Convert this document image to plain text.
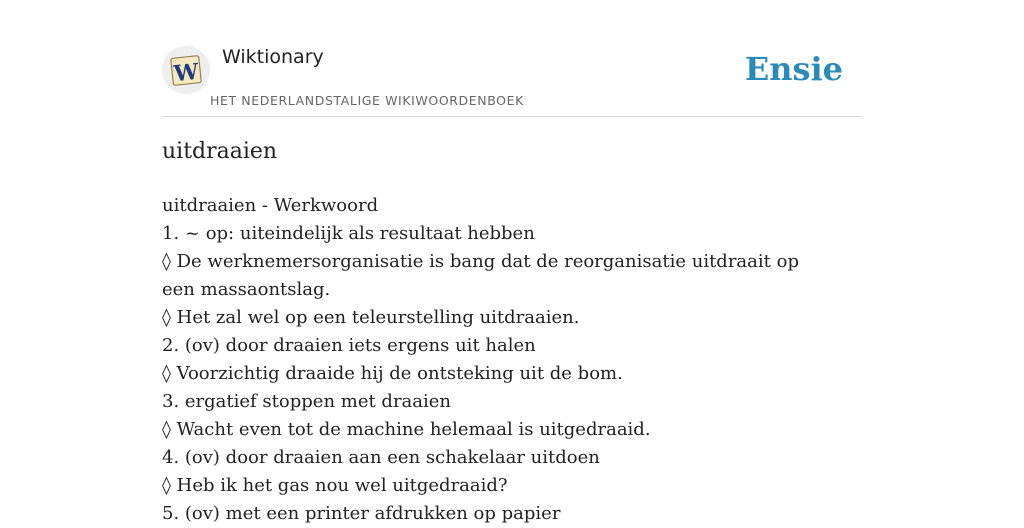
W
Wiktionary
HET NEDERLANDSTALIGE WIKIWOORDENBOEK
Ensie
uitdraaien
uitdraaien - Werkwoord
1. ~ op: uiteindelijk als resultaat hebben
◊ De werknemersorganisatie is bang dat de reorganisatie uitdraait op een massaontslag.
◊ Het zal wel op een teleurstelling uitdraaien.
2. (ov) door draaien iets ergens uit halen
◊ Voorzichtig draaide hij de ontsteking uit de bom.
3. ergatief stoppen met draaien
◊ Wacht even tot de machine helemaal is uitgedraaid.
4. (ov) door draaien aan een schakelaar uitdoen
◊ Heb ik het gas nou wel uitgedraaid?
5. (ov) met een printer afdrukken op papier
